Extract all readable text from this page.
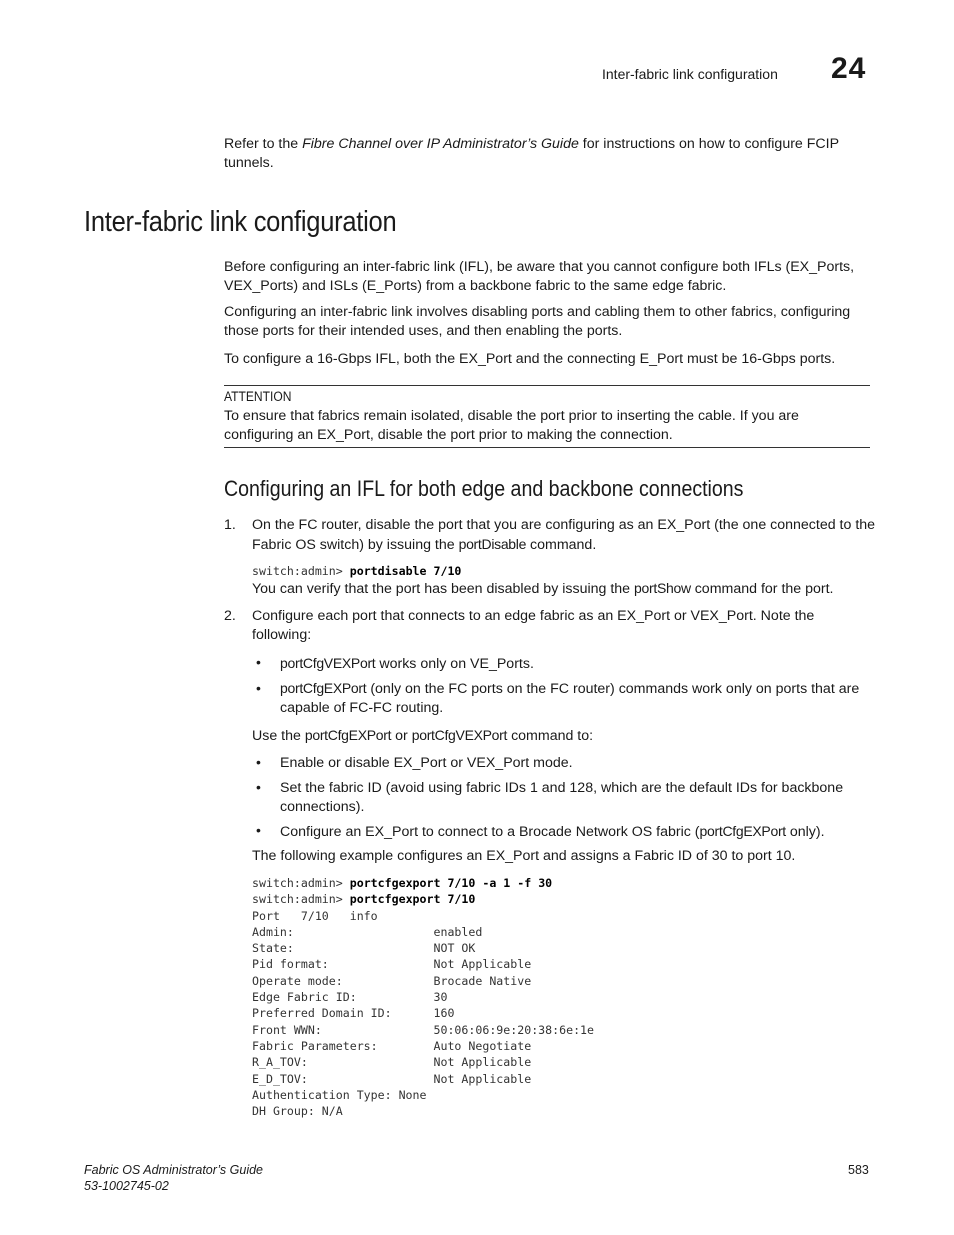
Inter-fabric link configuration 24
Refer to the Fibre Channel over IP Administrator’s Guide for instructions on how to configure FCIP tunnels.
Inter-fabric link configuration
Before configuring an inter-fabric link (IFL), be aware that you cannot configure both IFLs (EX_Ports, VEX_Ports) and ISLs (E_Ports) from a backbone fabric to the same edge fabric.
Configuring an inter-fabric link involves disabling ports and cabling them to other fabrics, configuring those ports for their intended uses, and then enabling the ports.
To configure a 16-Gbps IFL, both the EX_Port and the connecting E_Port must be 16-Gbps ports.
ATTENTION
To ensure that fabrics remain isolated, disable the port prior to inserting the cable. If you are configuring an EX_Port, disable the port prior to making the connection.
Configuring an IFL for both edge and backbone connections
1. On the FC router, disable the port that you are configuring as an EX_Port (the one connected to the Fabric OS switch) by issuing the portDisable command.
switch:admin> portdisable 7/10
You can verify that the port has been disabled by issuing the portShow command for the port.
2. Configure each port that connects to an edge fabric as an EX_Port or VEX_Port. Note the following:
• portCfgVEXPort works only on VE_Ports.
• portCfgEXPort (only on the FC ports on the FC router) commands work only on ports that are capable of FC-FC routing.
Use the portCfgEXPort or portCfgVEXPort command to:
• Enable or disable EX_Port or VEX_Port mode.
• Set the fabric ID (avoid using fabric IDs 1 and 128, which are the default IDs for backbone connections).
• Configure an EX_Port to connect to a Brocade Network OS fabric (portCfgEXPort only).
The following example configures an EX_Port and assigns a Fabric ID of 30 to port 10.
switch:admin> portcfgexport 7/10 -a 1 -f 30
switch:admin> portcfgexport 7/10
Port   7/10   info
Admin:                    enabled
State:                    NOT OK
Pid format:               Not Applicable
Operate mode:             Brocade Native
Edge Fabric ID:           30
Preferred Domain ID:      160
Front WWN:                50:06:06:9e:20:38:6e:1e
Fabric Parameters:        Auto Negotiate
R_A_TOV:                  Not Applicable
E_D_TOV:                  Not Applicable
Authentication Type: None
DH Group: N/A
Fabric OS Administrator’s Guide
53-1002745-02
583
